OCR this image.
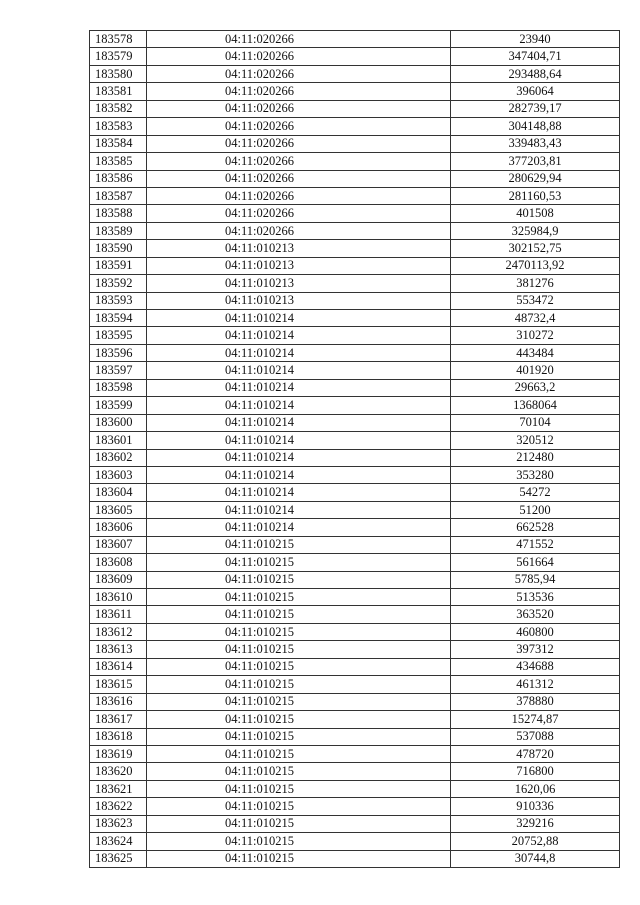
183578	04:11:020266	23940
183579	04:11:020266	347404,71
183580	04:11:020266	293488,64
183581	04:11:020266	396064
183582	04:11:020266	282739,17
183583	04:11:020266	304148,88
183584	04:11:020266	339483,43
183585	04:11:020266	377203,81
183586	04:11:020266	280629,94
183587	04:11:020266	281160,53
183588	04:11:020266	401508
183589	04:11:020266	325984,9
183590	04:11:010213	302152,75
183591	04:11:010213	2470113,92
183592	04:11:010213	381276
183593	04:11:010213	553472
183594	04:11:010214	48732,4
183595	04:11:010214	310272
183596	04:11:010214	443484
183597	04:11:010214	401920
183598	04:11:010214	29663,2
183599	04:11:010214	1368064
183600	04:11:010214	70104
183601	04:11:010214	320512
183602	04:11:010214	212480
183603	04:11:010214	353280
183604	04:11:010214	54272
183605	04:11:010214	51200
183606	04:11:010214	662528
183607	04:11:010215	471552
183608	04:11:010215	561664
183609	04:11:010215	5785,94
183610	04:11:010215	513536
183611	04:11:010215	363520
183612	04:11:010215	460800
183613	04:11:010215	397312
183614	04:11:010215	434688
183615	04:11:010215	461312
183616	04:11:010215	378880
183617	04:11:010215	15274,87
183618	04:11:010215	537088
183619	04:11:010215	478720
183620	04:11:010215	716800
183621	04:11:010215	1620,06
183622	04:11:010215	910336
183623	04:11:010215	329216
183624	04:11:010215	20752,88
183625	04:11:010215	30744,8
